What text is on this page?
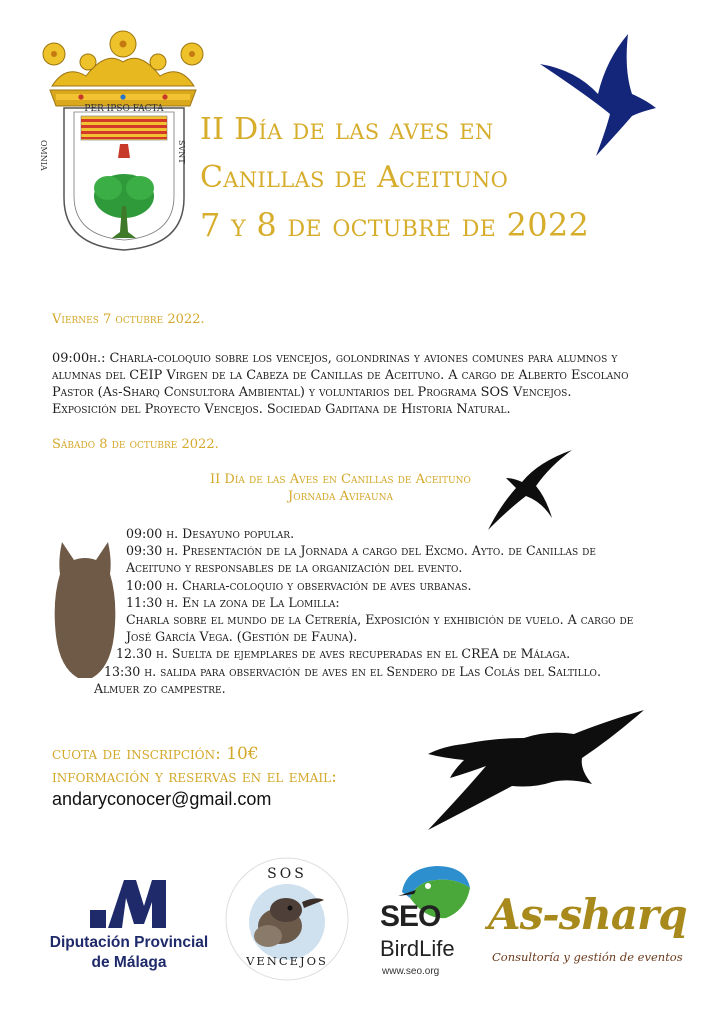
PER IPSO FACTA
OMNIA	SVNT
II Día de las aves en
Canillas de Aceituno
7 y 8 de octubre de 2022
Viernes 7 octubre 2022.
09:00h.: Charla-coloquio sobre los vencejos, golondrinas y aviones comunes para alumnos y
alumnas del CEIP Virgen de la Cabeza de Canillas de Aceituno. A cargo de Alberto Escolano
Pastor (As-Sharq Consultora Ambiental) y voluntarios del Programa SOS Vencejos.
Exposición del Proyecto Vencejos. Sociedad Gaditana de Historia Natural.
Sábado 8 de octubre 2022.
II Día de las Aves en Canillas de Aceituno
Jornada Avifauna
09:00 h. Desayuno popular.
09:30 h. Presentación de la Jornada a cargo del Excmo. Ayto. de Canillas de
Aceituno y responsables de la organización del evento.
10:00 h. Charla-coloquio y observación de aves urbanas.
11:30 h. En la zona de La Lomilla:
Charla sobre el mundo de la Cetrería, Exposición y exhibición de vuelo. A cargo de
José García Vega. (Gestión de Fauna).
12.30 h. Suelta de ejemplares de aves recuperadas en el CREA de Málaga.
13:30 h. salida para observación de aves en el Sendero de Las Colás del Saltillo.
Almuer zo campestre.
cuota de inscripción: 10€
información y reservas en el email:
andaryconocer@gmail.com
Diputación Provincial
de Málaga
SOS
VENCEJOS
SEO
BirdLife
www.seo.org
As-sharq
Consultoría y gestión de eventos
